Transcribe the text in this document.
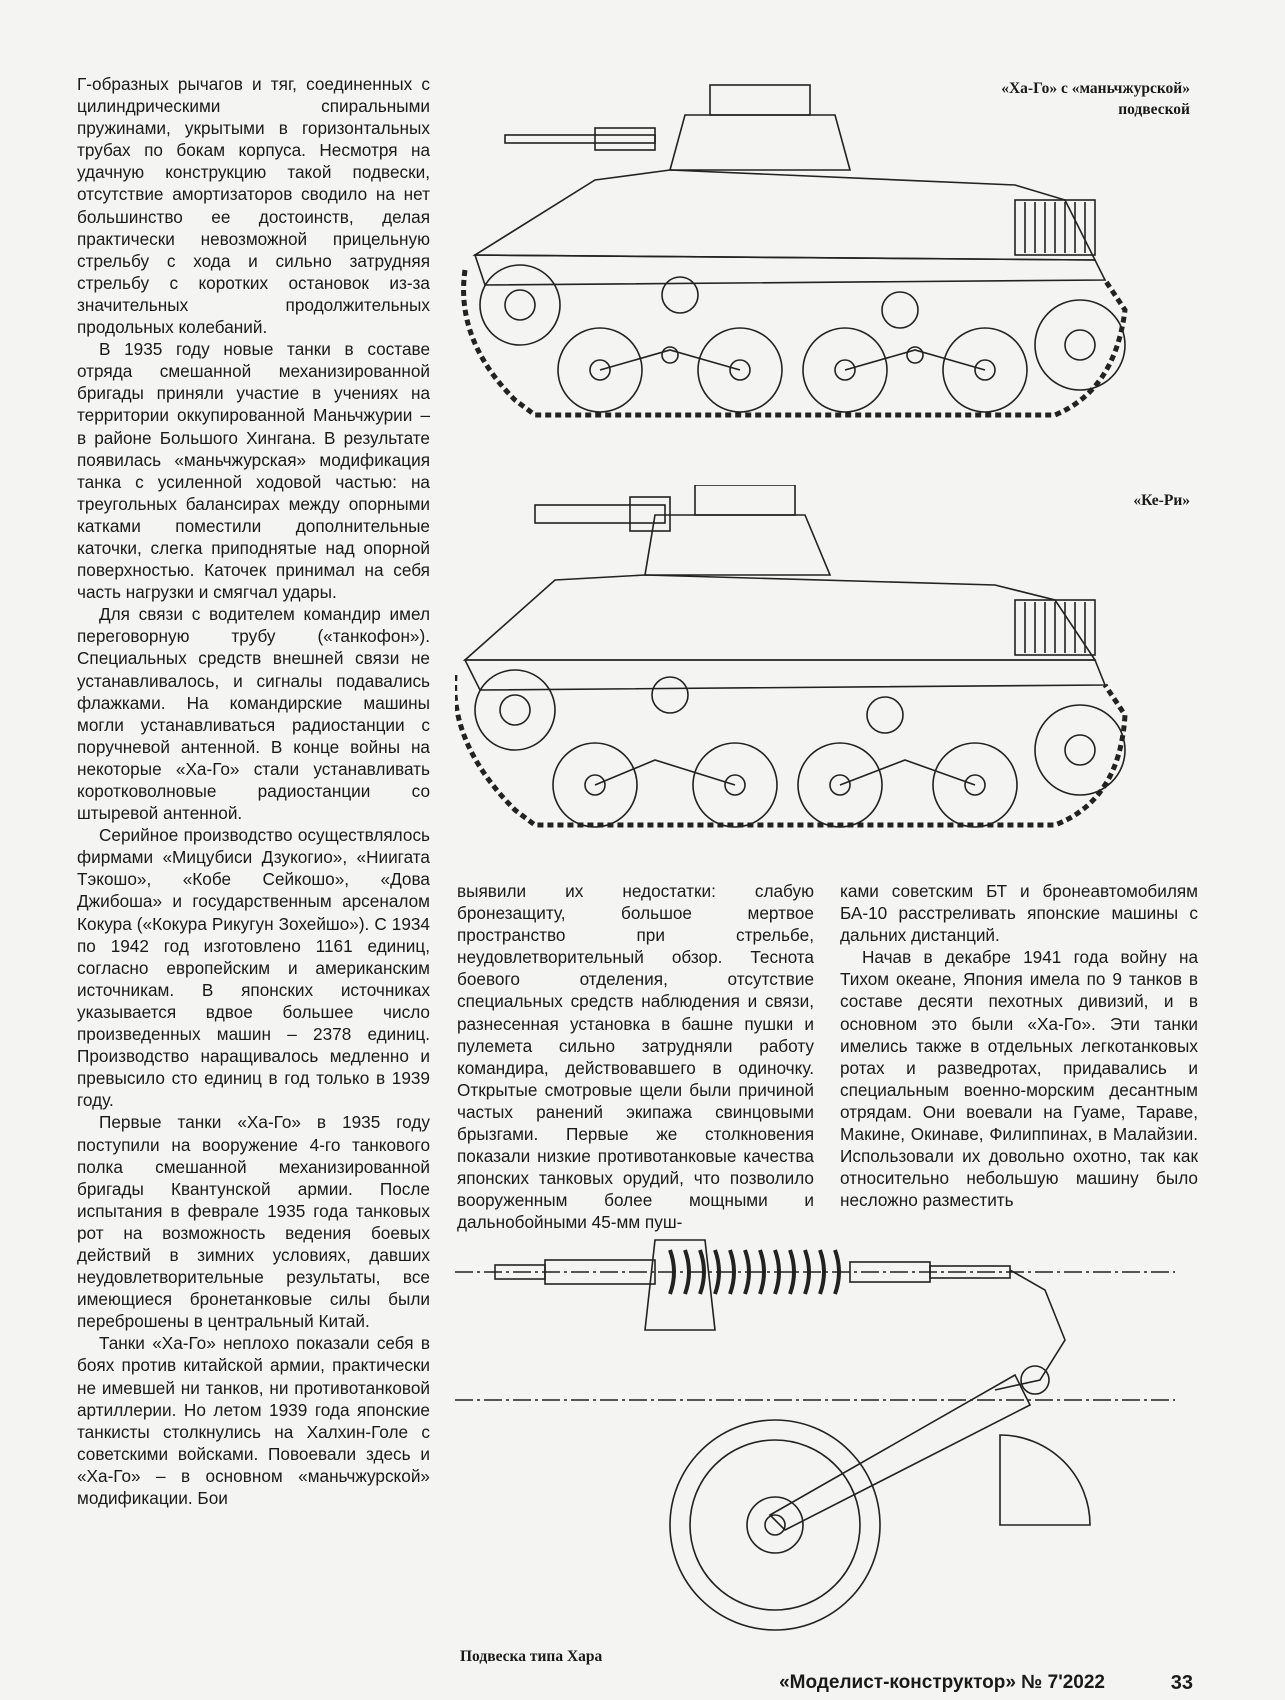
Г-образных рычагов и тяг, соединенных с цилиндрическими спиральными пружинами, укрытыми в горизонтальных трубах по бокам корпуса. Несмотря на удачную конструкцию такой подвески, отсутствие амортизаторов сводило на нет большинство ее достоинств, делая практически невозможной прицельную стрельбу с хода и сильно затрудняя стрельбу с коротких остановок из-за значительных продолжительных продольных колебаний.

В 1935 году новые танки в составе отряда смешанной механизированной бригады приняли участие в учениях на территории оккупированной Маньчжурии – в районе Большого Хингана. В результате появилась «маньчжурская» модификация танка с усиленной ходовой частью: на треугольных балансирах между опорными катками поместили дополнительные каточки, слегка приподнятые над опорной поверхностью. Каточек принимал на себя часть нагрузки и смягчал удары.

Для связи с водителем командир имел переговорную трубу («танкофон»). Специальных средств внешней связи не устанавливалось, и сигналы подавались флажками. На командирские машины могли устанавливаться радиостанции с поручневой антенной. В конце войны на некоторые «Ха-Го» стали устанавливать коротковолновые радиостанции со штыревой антенной.

Серийное производство осуществлялось фирмами «Мицубиси Дзукогио», «Ниигата Тэкошо», «Кобе Сейкошо», «Дова Джибоша» и государственным арсеналом Кокура («Кокура Рикугун Зохейшо»). С 1934 по 1942 год изготовлено 1161 единиц, согласно европейским и американским источникам. В японских источниках указывается вдвое большее число произведенных машин – 2378 единиц. Производство наращивалось медленно и превысило сто единиц в год только в 1939 году.

Первые танки «Ха-Го» в 1935 году поступили на вооружение 4-го танкового полка смешанной механизированной бригады Квантунской армии. После испытания в феврале 1935 года танковых рот на возможность ведения боевых действий в зимних условиях, давших неудовлетворительные результаты, все имеющиеся бронетанковые силы были переброшены в центральный Китай.

Танки «Ха-Го» неплохо показали себя в боях против китайской армии, практически не имевшей ни танков, ни противотанковой артиллерии. Но летом 1939 года японские танкисты столкнулись на Халхин-Голе с советскими войсками. Повоевали здесь и «Ха-Го» – в основном «маньчжурской» модификации. Бои

«Ха-Го» с «маньчжурской» подвеской
«Ке-Ри»

выявили их недостатки: слабую бронезащиту, большое мертвое пространство при стрельбе, неудовлетворительный обзор. Теснота боевого отделения, отсутствие специальных средств наблюдения и связи, разнесенная установка в башне пушки и пулемета сильно затрудняли работу командира, действовавшего в одиночку. Открытые смотровые щели были причиной частых ранений экипажа свинцовыми брызгами. Первые же столкновения показали низкие противотанковые качества японских танковых орудий, что позволило вооруженным более мощными и дальнобойными 45-мм пуш-

ками советским БТ и бронеавтомобилям БА-10 расстреливать японские машины с дальних дистанций.

Начав в декабре 1941 года войну на Тихом океане, Япония имела по 9 танков в составе десяти пехотных дивизий, и в основном это были «Ха-Го». Эти танки имелись также в отдельных легкотанковых ротах и разведротах, придавались и специальным военно-морским десантным отрядам. Они воевали на Гуаме, Тараве, Макине, Окинаве, Филиппинах, в Малайзии. Использовали их довольно охотно, так как относительно небольшую машину было несложно разместить

Подвеска типа Хара
«Моделист-конструктор» № 7'2022	33
